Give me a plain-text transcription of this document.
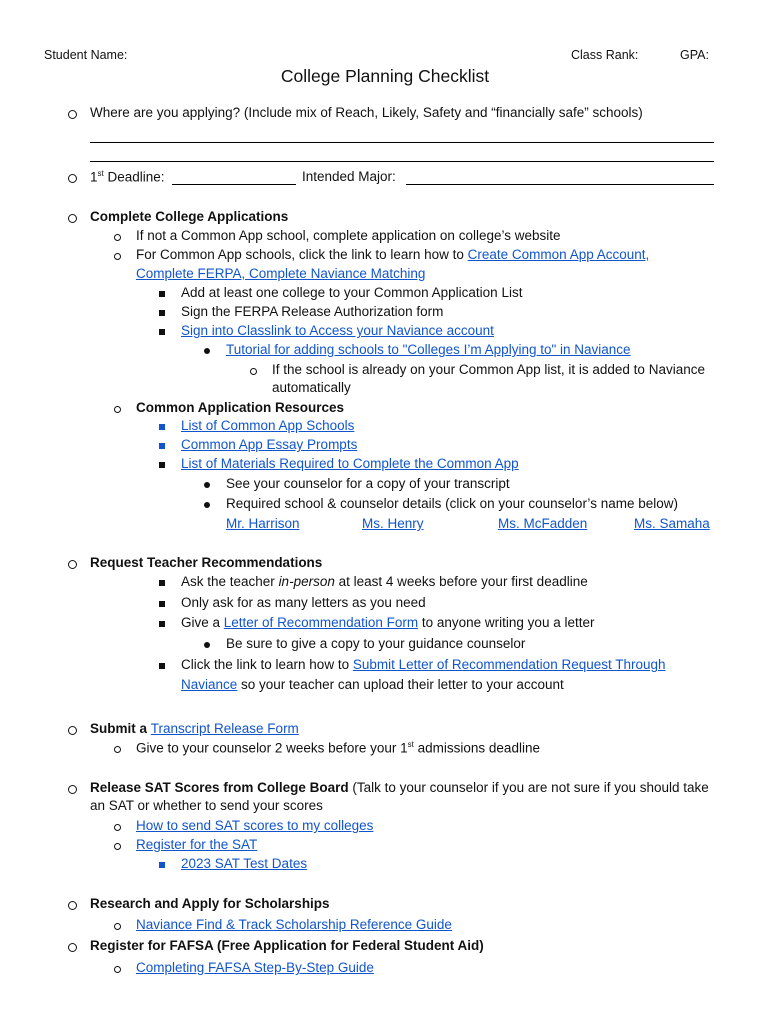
Student Name:	Class Rank:	GPA:
College Planning Checklist
Where are you applying? (Include mix of Reach, Likely, Safety and “financially safe” schools)
1st Deadline:	Intended Major:
Complete College Applications
If not a Common App school, complete application on college’s website
For Common App schools, click the link to learn how to Create Common App Account,
Complete FERPA, Complete Naviance Matching
Add at least one college to your Common Application List
Sign the FERPA Release Authorization form
Sign into Classlink to Access your Naviance account
Tutorial for adding schools to "Colleges I’m Applying to" in Naviance
If the school is already on your Common App list, it is added to Naviance
automatically
Common Application Resources
List of Common App Schools
Common App Essay Prompts
List of Materials Required to Complete the Common App
See your counselor for a copy of your transcript
Required school & counselor details (click on your counselor’s name below)
Mr. Harrison	Ms. Henry	Ms. McFadden	Ms. Samaha
Request Teacher Recommendations
Ask the teacher in-person at least 4 weeks before your first deadline
Only ask for as many letters as you need
Give a Letter of Recommendation Form to anyone writing you a letter
Be sure to give a copy to your guidance counselor
Click the link to learn how to Submit Letter of Recommendation Request Through
Naviance so your teacher can upload their letter to your account
Submit a Transcript Release Form
Give to your counselor 2 weeks before your 1st admissions deadline
Release SAT Scores from College Board (Talk to your counselor if you are not sure if you should take
an SAT or whether to send your scores
How to send SAT scores to my colleges
Register for the SAT
2023 SAT Test Dates
Research and Apply for Scholarships
Naviance Find & Track Scholarship Reference Guide
Register for FAFSA (Free Application for Federal Student Aid)
Completing FAFSA Step-By-Step Guide
